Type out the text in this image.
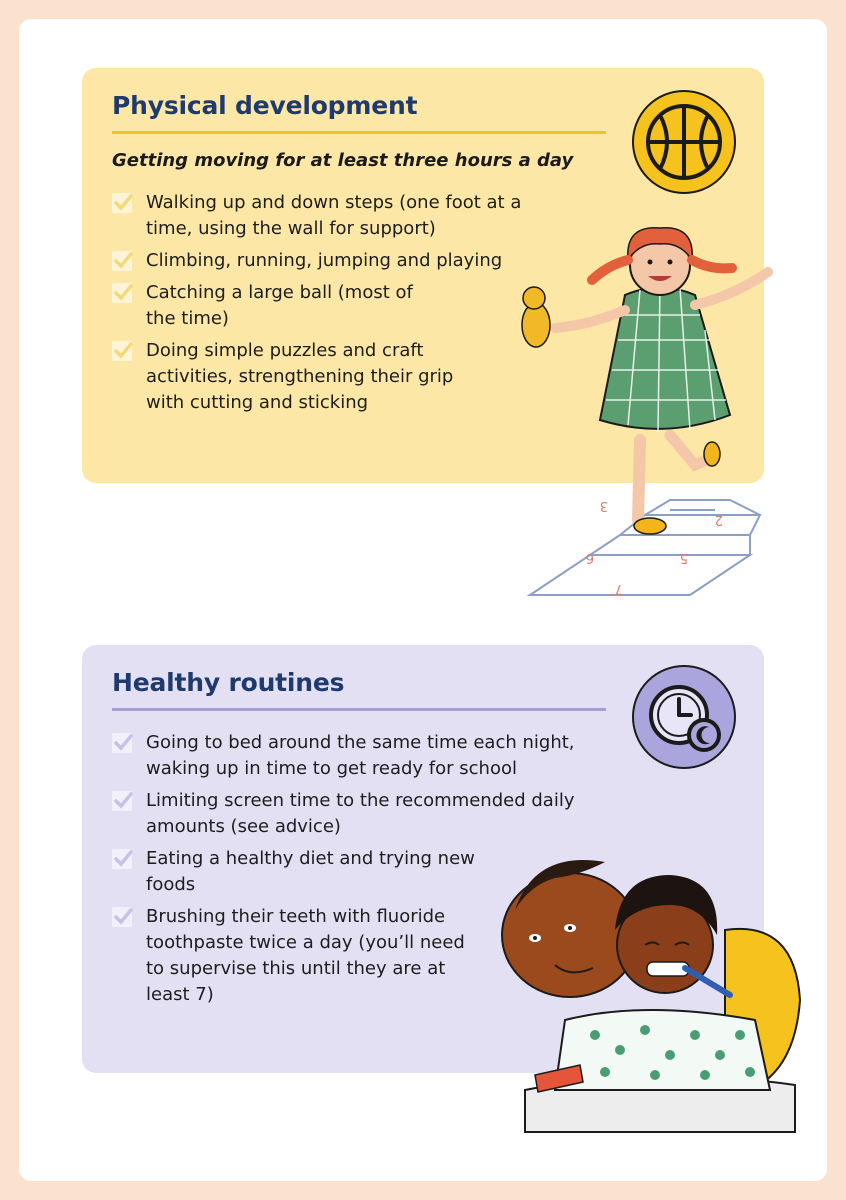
Physical development

Getting moving for at least three hours a day

Walking up and down steps (one foot at a time, using the wall for support)
Climbing, running, jumping and playing
Catching a large ball (most of the time)
Doing simple puzzles and craft activities, strengthening their grip with cutting and sticking
3
2
6	5
7
Healthy routines
Going to bed around the same time each night, waking up in time to get ready for school
Limiting screen time to the recommended daily amounts (see advice)
Eating a healthy diet and trying new foods
Brushing their teeth with fluoride toothpaste twice a day (you’ll need to supervise this until they are at least 7)
